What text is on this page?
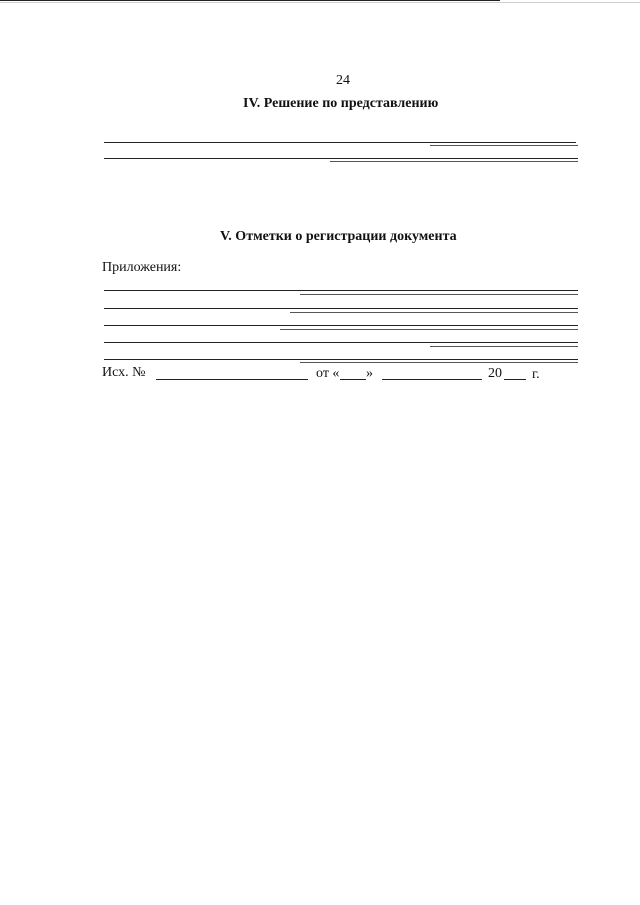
24
IV. Решение по представлению
V. Отметки о регистрации документа
Приложения:
Исх. №	от « »	20 г.
